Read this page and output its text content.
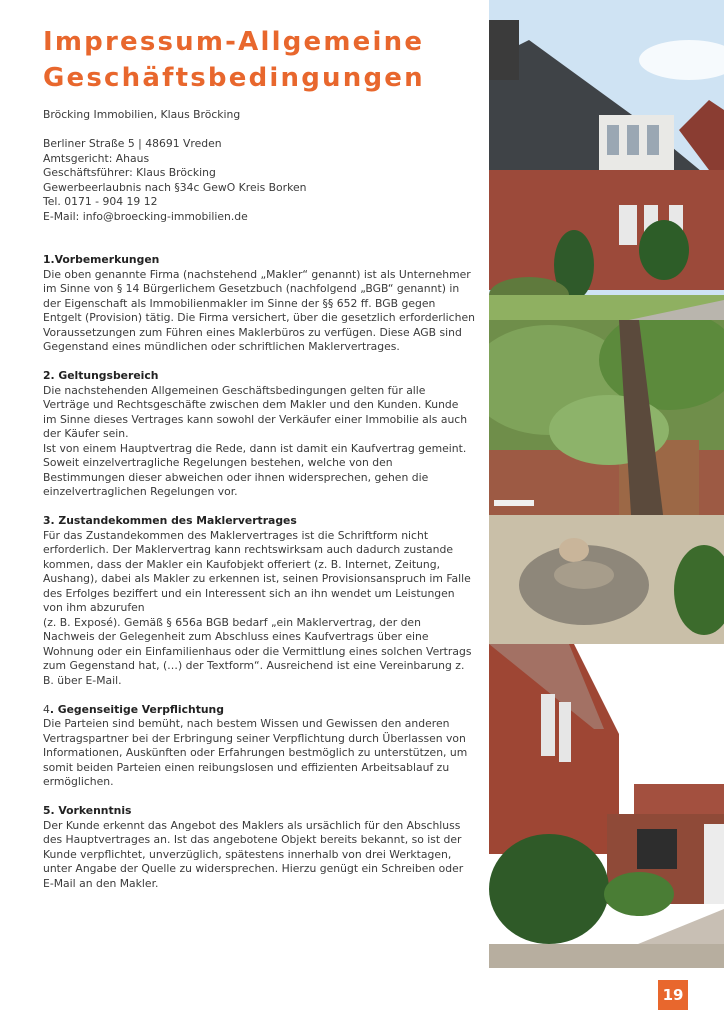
Impressum-Allgemeine Geschäftsbedingungen

Bröcking Immobilien, Klaus Bröcking

Berliner Straße 5 | 48691 Vreden

Amtsgericht: Ahaus

Geschäftsführer: Klaus Bröcking

Gewerbeerlaubnis nach §34c GewO Kreis Borken

Tel. 0171 - 904 19 12

E-Mail: info@broecking-immobilien.de

1.Vorbemerkungen

Die oben genannte Firma (nachstehend „Makler“ genannt) ist als Unternehmer im Sinne von § 14 Bürgerlichem Gesetzbuch (nachfolgend „BGB“ genannt) in der Eigenschaft als Immobilienmakler im Sinne der §§ 652 ff. BGB gegen Entgelt (Provision) tätig. Die Firma versichert, über die gesetzlich erforderlichen Voraussetzungen zum Führen eines Maklerbüros zu verfügen. Diese AGB sind Gegenstand eines mündlichen oder schriftlichen Maklervertrages.

2. Geltungsbereich

Die nachstehenden Allgemeinen Geschäftsbedingungen gelten für alle Verträge und Rechtsgeschäfte zwischen dem Makler und den Kunden. Kunde im Sinne dieses Vertrages kann sowohl der Verkäufer einer Immobilie als auch der Käufer sein.

Ist von einem Hauptvertrag die Rede, dann ist damit ein Kaufvertrag gemeint. Soweit einzelvertragliche Regelungen bestehen, welche von den Bestimmungen dieser abweichen oder ihnen widersprechen, gehen die einzelvertraglichen Regelungen vor.

3. Zustandekommen des Maklervertrages

Für das Zustandekommen des Maklervertrages ist die Schriftform nicht erforderlich. Der Maklervertrag kann rechtswirksam auch dadurch zustande kommen, dass der Makler ein Kaufobjekt offeriert (z. B. Internet, Zeitung, Aushang), dabei als Makler zu erkennen ist, seinen Provisionsanspruch im Falle des Erfolges beziffert und ein Interessent sich an ihn wendet um Leistungen von ihm abzurufen

(z. B. Exposé). Gemäß § 656a BGB bedarf „ein Maklervertrag, der den Nachweis der Gelegenheit zum Abschluss eines Kaufvertrags über eine Wohnung oder ein Einfamilienhaus oder die Vermittlung eines solchen Vertrags zum Gegenstand hat, (…) der Textform“. Ausreichend ist eine Vereinbarung z. B. über E-Mail.

4. Gegenseitige Verpflichtung

Die Parteien sind bemüht, nach bestem Wissen und Gewissen den anderen Vertragspartner bei der Erbringung seiner Verpflichtung durch Überlassen von Informationen, Auskünften oder Erfahrungen bestmöglich zu unterstützen, um somit beiden Parteien einen reibungslosen und effizienten Arbeitsablauf zu ermöglichen.

5. Vorkenntnis

Der Kunde erkennt das Angebot des Maklers als ursächlich für den Abschluss des Hauptvertrages an. Ist das angebotene Objekt bereits bekannt, so ist der Kunde verpflichtet, unverzüglich, spätestens innerhalb von drei Werktagen, unter Angabe der Quelle zu widersprechen. Hierzu genügt ein Schreiben oder E-Mail an den Makler.

19
